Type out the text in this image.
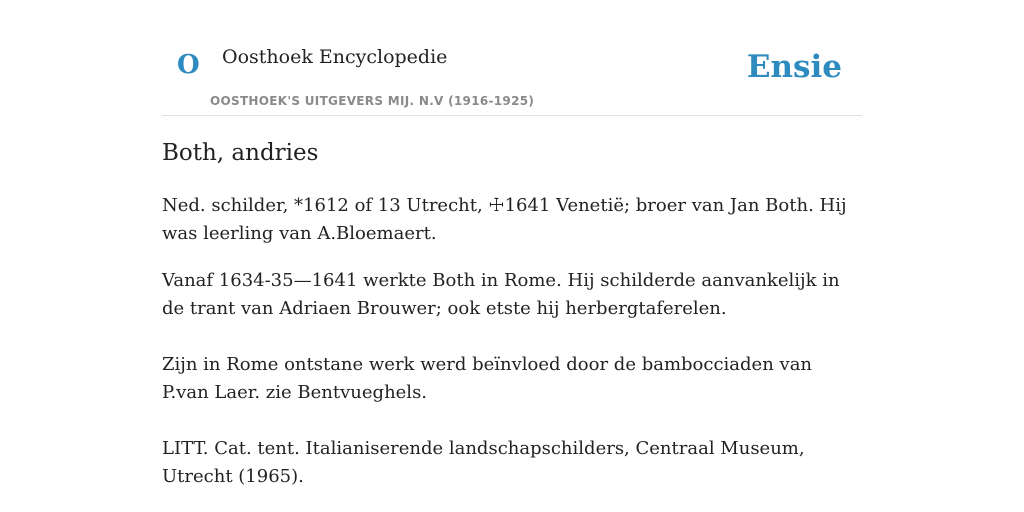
O Oosthoek Encyclopedie
OOSTHOEK'S UITGEVERS MIJ. N.V (1916-1925)
Ensie
Both, andries

Ned. schilder, *1612 of 13 Utrecht, ☩1641 Venetië; broer van Jan Both. Hij was leerling van A.Bloemaert.

Vanaf 1634-35—1641 werkte Both in Rome. Hij schilderde aanvankelijk in de trant van Adriaen Brouwer; ook etste hij herbergtaferelen.

Zijn in Rome ontstane werk werd beïnvloed door de bambocciaden van P.van Laer. zie Bentvueghels.

LITT. Cat. tent. Italianiserende landschapschilders, Centraal Museum, Utrecht (1965).
